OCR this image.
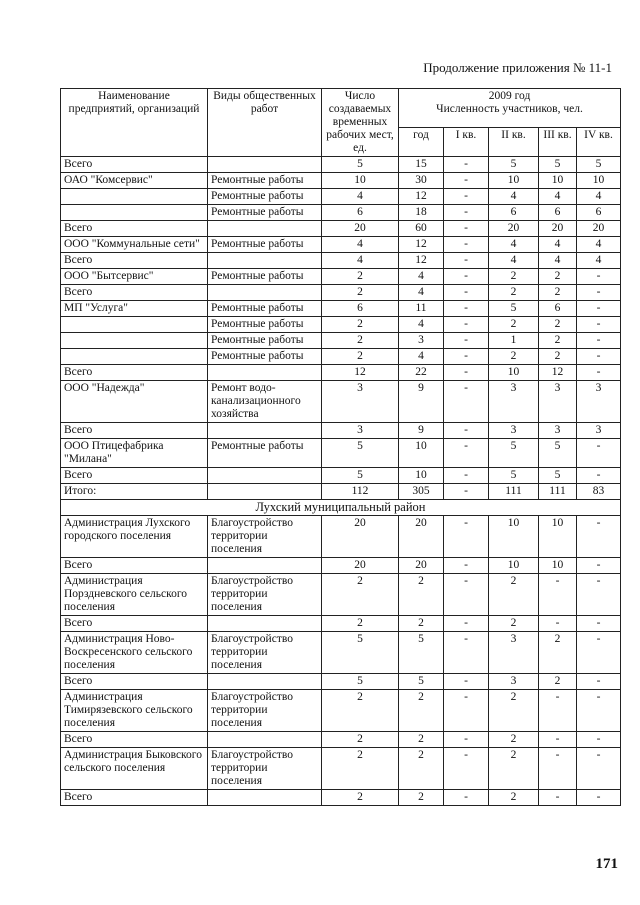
Продолжение приложения № 11-1
Наименование предприятий, организаций	Виды общественных работ	Число создаваемых временных рабочих мест, ед.	2009 год
Численность участников, чел.				

			год	I кв.	II кв.	III кв.	IV кв.
Всего		5	15	-	5	5	5
ОАО "Комсервис"	Ремонтные работы	10	30	-	10	10	10
	Ремонтные работы	4	12	-	4	4	4
	Ремонтные работы	6	18	-	6	6	6
Всего		20	60	-	20	20	20
ООО "Коммунальные сети"	Ремонтные работы	4	12	-	4	4	4
Всего		4	12	-	4	4	4
ООО "Бытсервис"	Ремонтные работы	2	4	-	2	2	-
Всего		2	4	-	2	2	-
МП "Услуга"	Ремонтные работы	6	11	-	5	6	-
	Ремонтные работы	2	4	-	2	2	-
	Ремонтные работы	2	3	-	1	2	-
	Ремонтные работы	2	4	-	2	2	-
Всего		12	22	-	10	12	-
ООО "Надежда"	Ремонт водо-канализационного хозяйства	3	9	-	3	3	3
Всего		3	9	-	3	3	3
ООО Птицефабрика "Милана"	Ремонтные работы	5	10	-	5	5	-
Всего		5	10	-	5	5	-
Итого:		112	305	-	111	111	83
Лухский муниципальный район							
Администрация Лухского городского поселения	Благоустройство территории поселения	20	20	-	10	10	-
Всего		20	20	-	10	10	-
Администрация Порздневского сельского поселения	Благоустройство территории поселения	2	2	-	2	-	-
Всего		2	2	-	2	-	-
Администрация Ново-Воскресенского сельского поселения	Благоустройство территории поселения	5	5	-	3	2	-
Всего		5	5	-	3	2	-
Администрация Тимирязевского сельского поселения	Благоустройство территории поселения	2	2	-	2	-	-
Всего		2	2	-	2	-	-
Администрация Быковского сельского поселения	Благоустройство территории поселения	2	2	-	2	-	-
Всего		2	2	-	2	-	-
171
